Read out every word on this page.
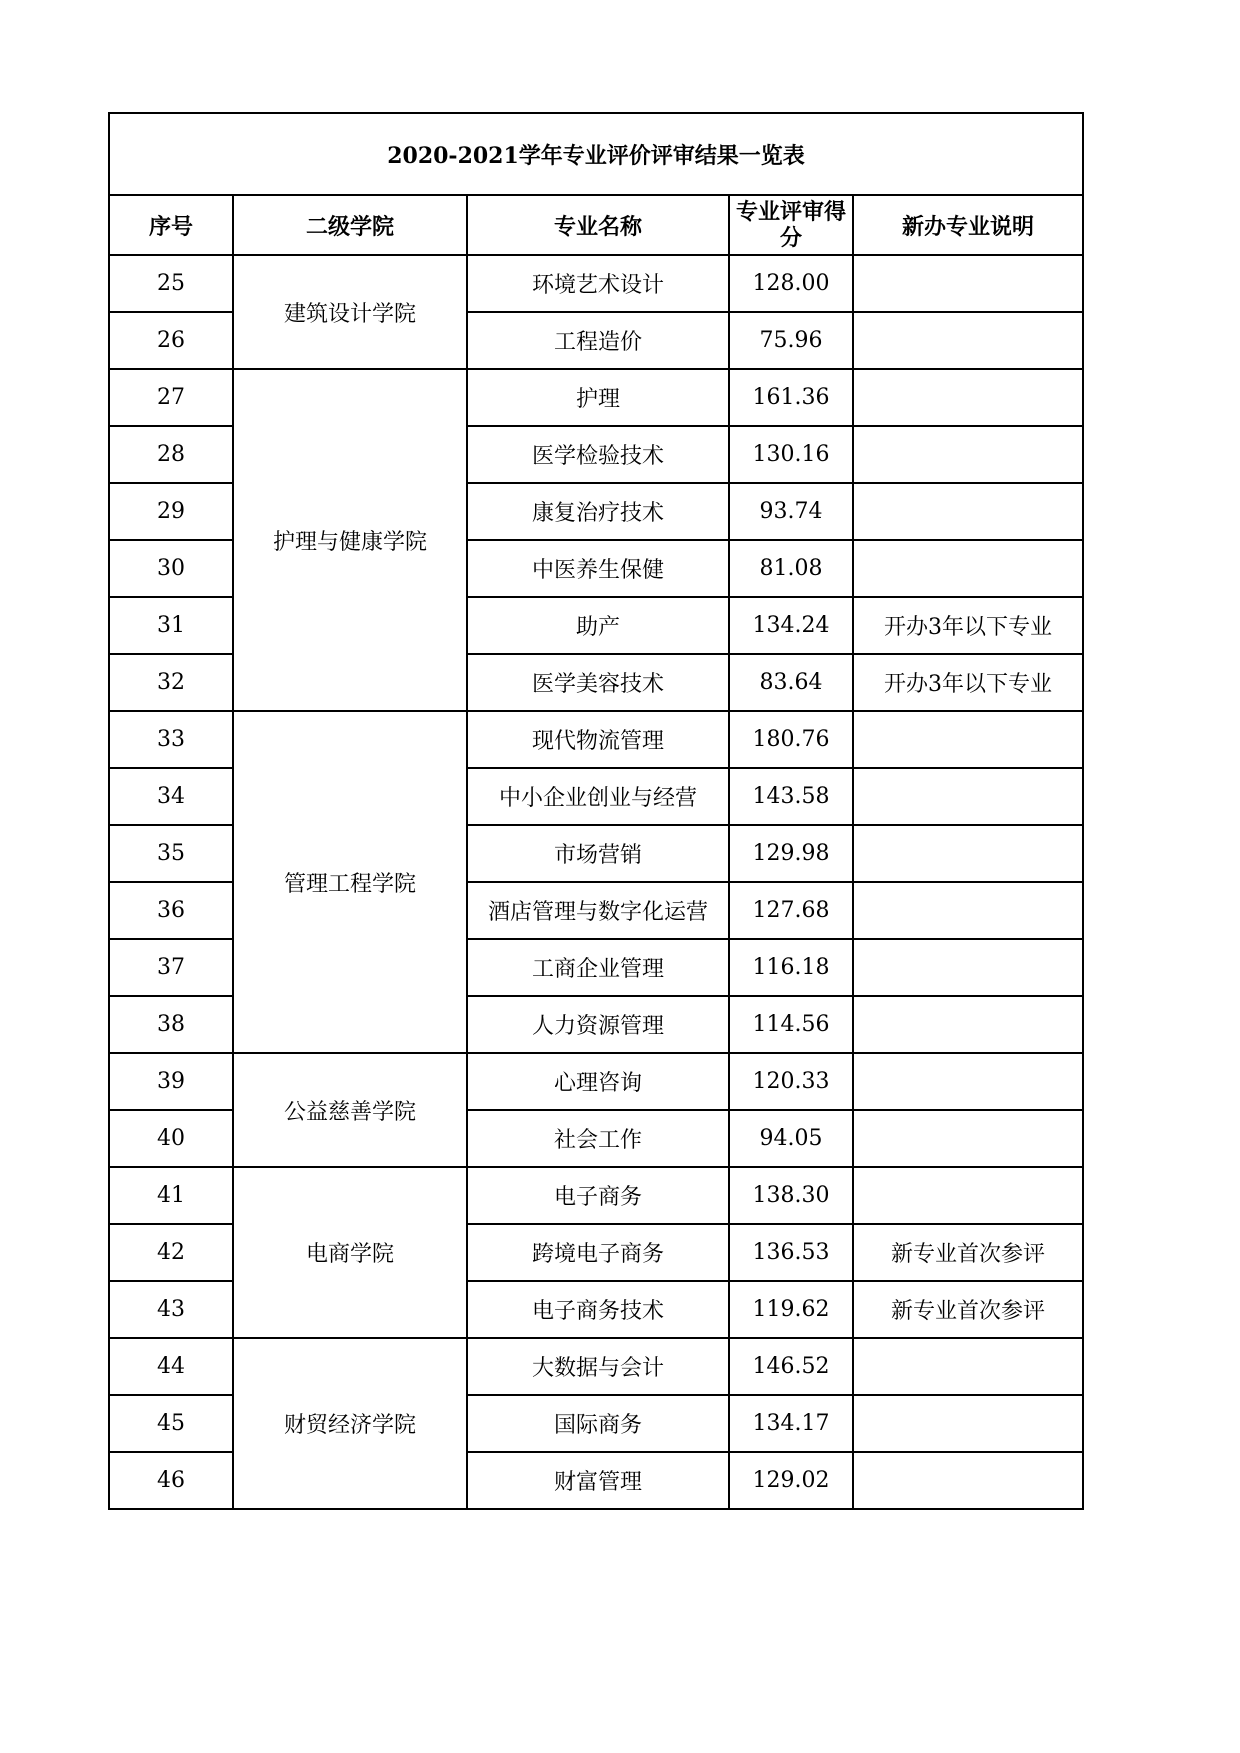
2020-2021学年专业评价评审结果一览表				
序号	二级学院	专业名称	专业评审得分	新办专业说明
25	建筑设计学院	环境艺术设计	128.00	
26		工程造价	75.96	
27	护理与健康学院	护理	161.36	
28		医学检验技术	130.16	
29		康复治疗技术	93.74	
30		中医养生保健	81.08	
31		助产	134.24	开办3年以下专业
32		医学美容技术	83.64	开办3年以下专业
33	管理工程学院	现代物流管理	180.76	
34		中小企业创业与经营	143.58	
35		市场营销	129.98	
36		酒店管理与数字化运营	127.68	
37		工商企业管理	116.18	
38		人力资源管理	114.56	
39	公益慈善学院	心理咨询	120.33	
40		社会工作	94.05	
41	电商学院	电子商务	138.30	
42		跨境电子商务	136.53	新专业首次参评
43		电子商务技术	119.62	新专业首次参评
44	财贸经济学院	大数据与会计	146.52	
45		国际商务	134.17	
46		财富管理	129.02	
